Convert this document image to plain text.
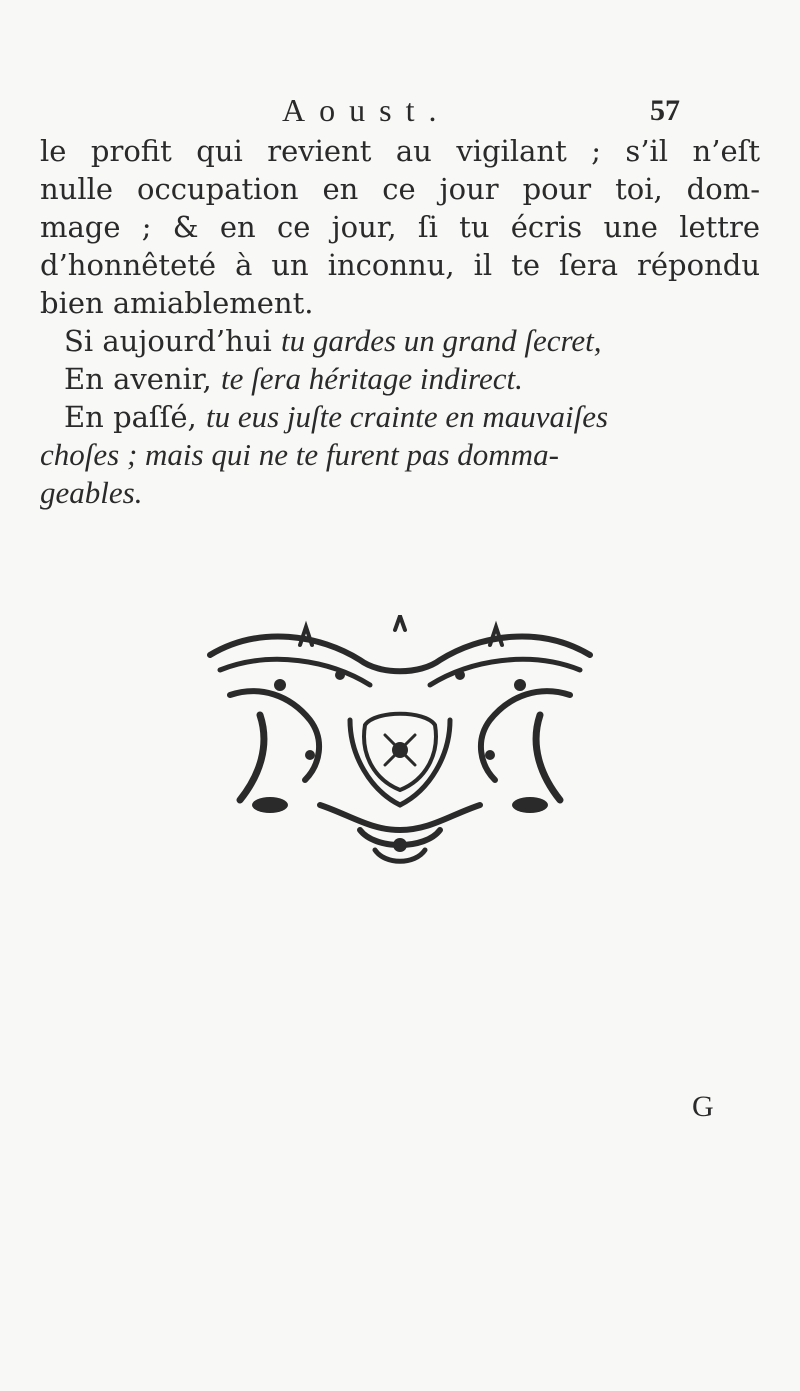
Aoust.	57
le profit qui revient au vigilant ; s’il n’eſt
nulle occupation en ce jour pour toi, dom-
mage ; & en ce jour, ſi tu écris une lettre
d’honnêteté à un inconnu, il te ſera répondu
bien amiablement.
Si aujourd’hui tu gardes un grand ſecret,
En avenir, te ſera héritage indirect.
En paſſé, tu eus juſte crainte en mauvaiſes
choſes ; mais qui ne te furent pas domma-
geables.
G
